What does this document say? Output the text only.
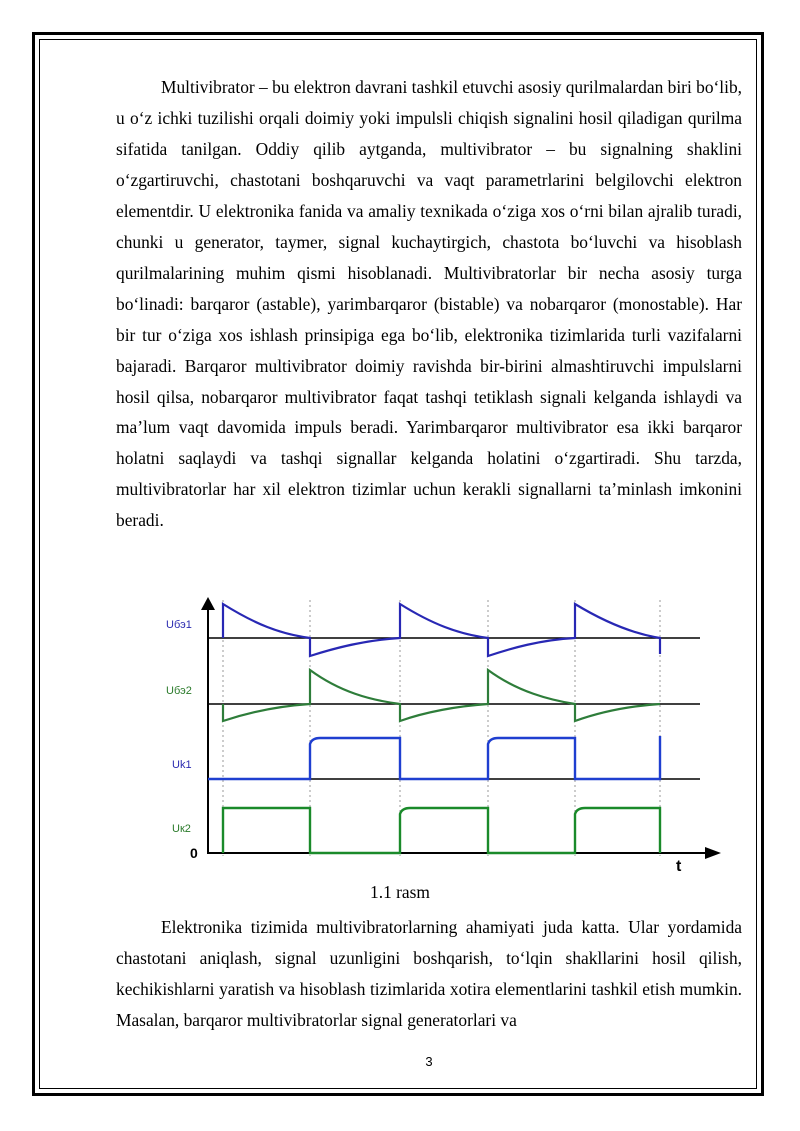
Multivibrator – bu elektron davrani tashkil etuvchi asosiy qurilmalardan biri bo‘lib, u o‘z ichki tuzilishi orqali doimiy yoki impulsli chiqish signalini hosil qiladigan qurilma sifatida tanilgan. Oddiy qilib aytganda, multivibrator – bu signalning shaklini o‘zgartiruvchi, chastotani boshqaruvchi va vaqt parametrlarini belgilovchi elektron elementdir. U elektronika fanida va amaliy texnikada o‘ziga xos o‘rni bilan ajralib turadi, chunki u generator, taymer, signal kuchaytirgich, chastota bo‘luvchi va hisoblash qurilmalarining muhim qismi hisoblanadi. Multivibratorlar bir necha asosiy turga bo‘linadi: barqaror (astable), yarimbarqaror (bistable) va nobarqaror (monostable). Har bir tur o‘ziga xos ishlash prinsipiga ega bo‘lib, elektronika tizimlarida turli vazifalarni bajaradi. Barqaror multivibrator doimiy ravishda bir-birini almashtiruvchi impulslarni hosil qilsa, nobarqaror multivibrator faqat tashqi tetiklash signali kelganda ishlaydi va ma’lum vaqt davomida impuls beradi. Yarimbarqaror multivibrator esa ikki barqaror holatni saqlaydi va tashqi signallar kelganda holatini o‘zgartiradi. Shu tarzda, multivibratorlar har xil elektron tizimlar uchun kerakli signallarni ta’minlash imkonini beradi.

Uбэ1
Uбэ2
Uk1
Uк2
0
t

1.1 rasm

Elektronika tizimida multivibratorlarning ahamiyati juda katta. Ular yordamida chastotani aniqlash, signal uzunligini boshqarish, to‘lqin shakllarini hosil qilish, kechikishlarni yaratish va hisoblash tizimlarida xotira elementlarini tashkil etish mumkin. Masalan, barqaror multivibratorlar signal generatorlari va

3
